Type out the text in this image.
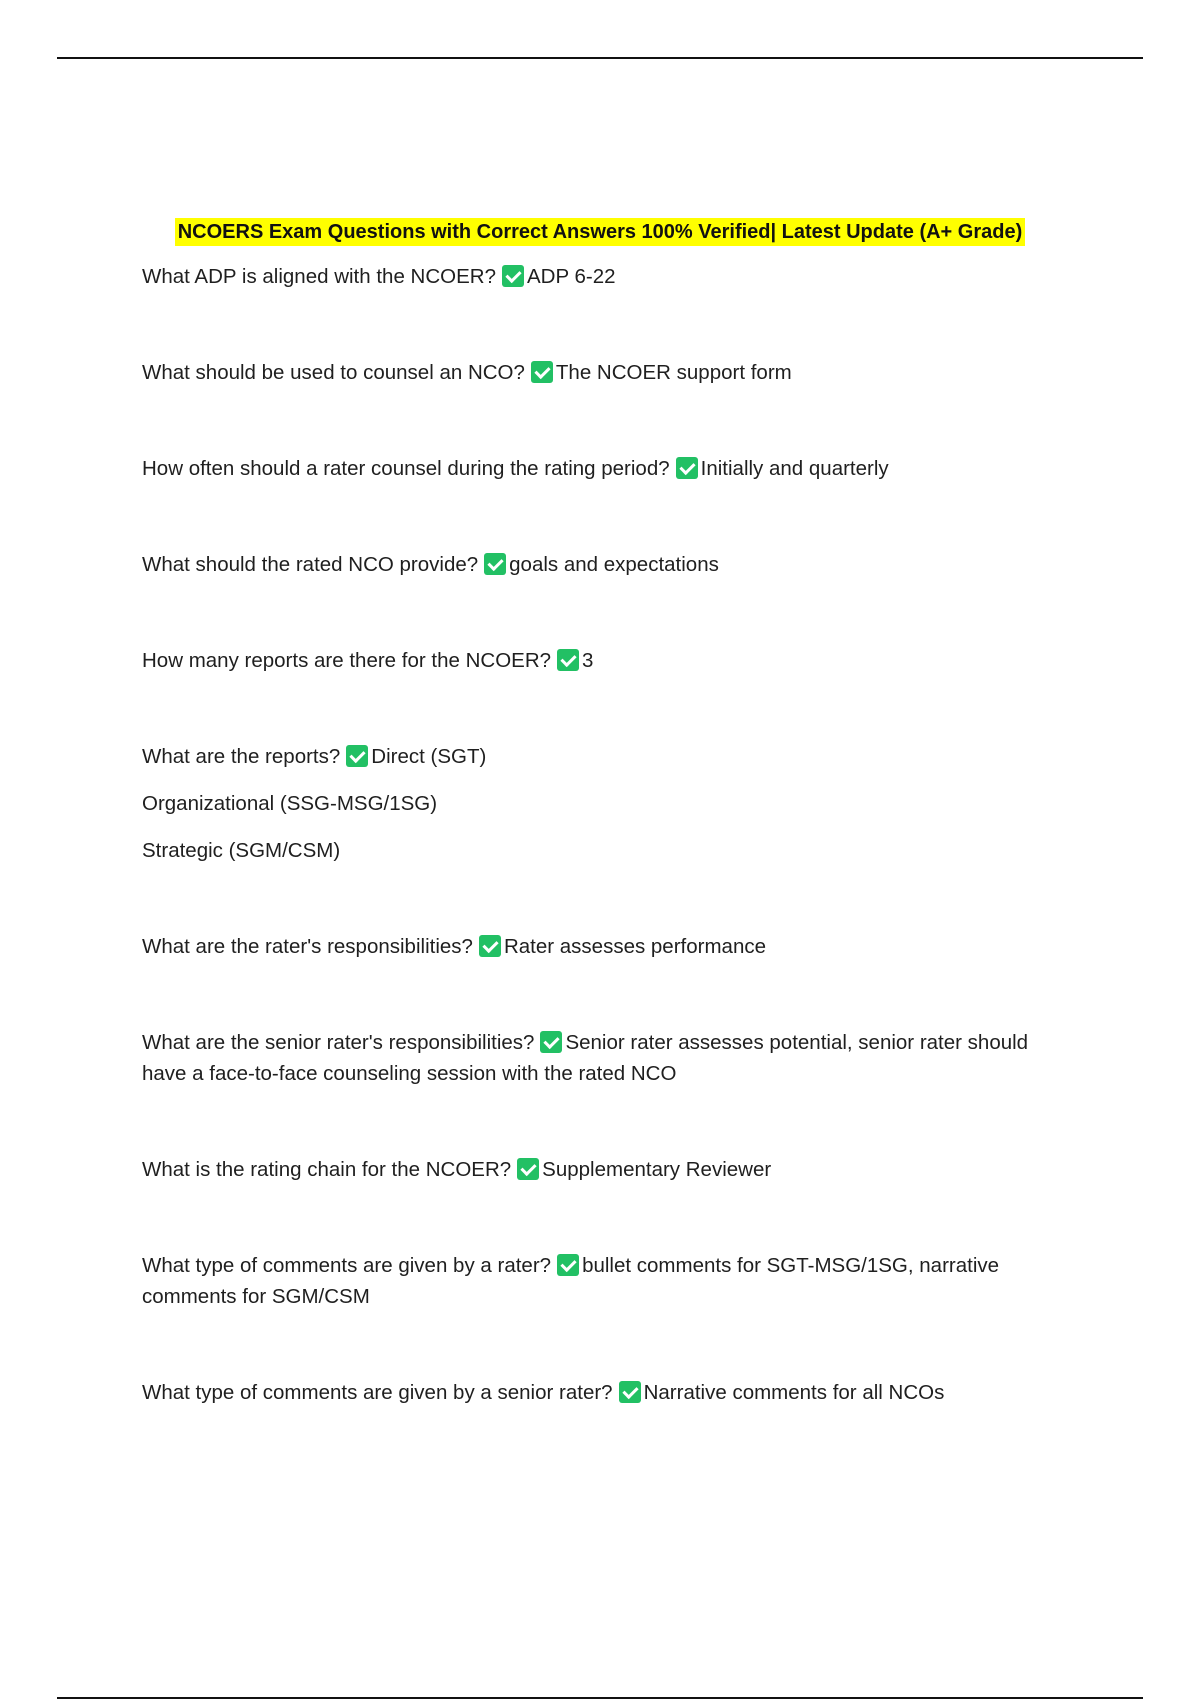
NCOERS Exam Questions with Correct Answers 100% Verified| Latest Update (A+ Grade)
What ADP is aligned with the NCOER? ADP 6-22
What should be used to counsel an NCO? The NCOER support form
How often should a rater counsel during the rating period? Initially and quarterly
What should the rated NCO provide? goals and expectations
How many reports are there for the NCOER? 3
What are the reports? Direct (SGT)
Organizational (SSG-MSG/1SG)
Strategic (SGM/CSM)
What are the rater's responsibilities? Rater assesses performance
What are the senior rater's responsibilities? Senior rater assesses potential, senior rater should have a face-to-face counseling session with the rated NCO
What is the rating chain for the NCOER? Supplementary Reviewer
What type of comments are given by a rater? bullet comments for SGT-MSG/1SG, narrative comments for SGM/CSM
What type of comments are given by a senior rater? Narrative comments for all NCOs
